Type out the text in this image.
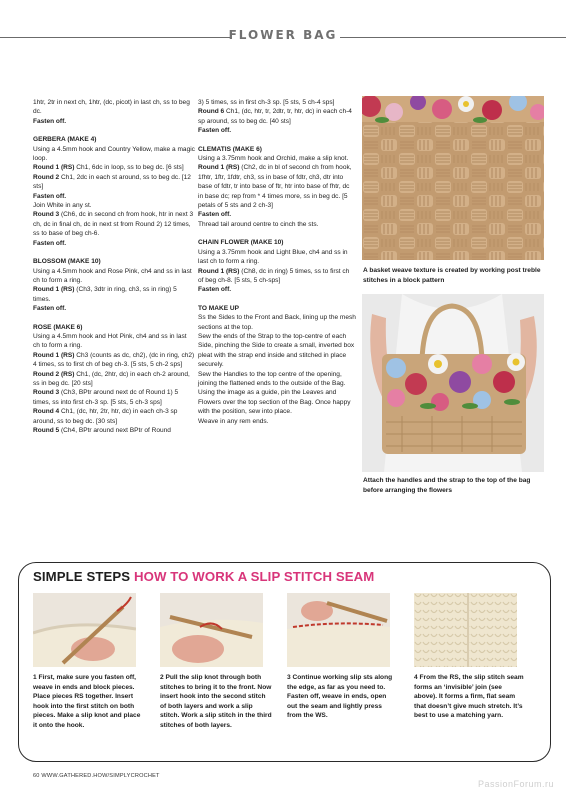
FLOWER BAG

1htr, 2tr in next ch, 1htr, (dc, picot) in last ch, ss to beg dc.

Fasten off.

GERBERA (MAKE 4)

Using a 4.5mm hook and Country Yellow, make a magic loop.

Round 1 (RS) Ch1, 6dc in loop, ss to beg dc. [6 sts]

Round 2 Ch1, 2dc in each st around, ss to beg dc. [12 sts]

Fasten off.

Join White in any st.

Round 3 (Ch6, dc in second ch from hook, htr in next 3 ch, dc in final ch, dc in next st from Round 2) 12 times, ss to base of beg ch-6.

Fasten off.

BLOSSOM (MAKE 10)

Using a 4.5mm hook and Rose Pink, ch4 and ss in last ch to form a ring.

Round 1 (RS) (Ch3, 3dtr in ring, ch3, ss in ring) 5 times.

Fasten off.

ROSE (MAKE 6)

Using a 4.5mm hook and Hot Pink, ch4 and ss in last ch to form a ring.

Round 1 (RS) Ch3 (counts as dc, ch2), (dc in ring, ch2) 4 times, ss to first ch of beg ch-3. [5 sts, 5 ch-2 sps]

Round 2 (RS) Ch1, (dc, 2htr, dc) in each ch-2 around, ss in beg dc. [20 sts]

Round 3 (Ch3, BPtr around next dc of Round 1) 5 times, ss into first ch-3 sp. [5 sts, 5 ch-3 sps]

Round 4 Ch1, (dc, htr, 2tr, htr, dc) in each ch-3 sp around, ss to beg dc. [30 sts]

Round 5 (Ch4, BPtr around next BPtr of Round

3) 5 times, ss in first ch-3 sp. [5 sts, 5 ch-4 sps]

Round 6 Ch1, (dc, htr, tr, 2dtr, tr, htr, dc) in each ch-4 sp around, ss to beg dc. [40 sts]

Fasten off.

CLEMATIS (MAKE 6)

Using a 3.75mm hook and Orchid, make a slip knot.

Round 1 (RS) (Ch2, dc in bl of second ch from hook, 1fhtr, 1ftr, 1fdtr, ch3, ss in base of fdtr, ch3, dtr into base of fdtr, tr into base of ftr, htr into base of fhtr, dc in base dc; rep from * 4 times more, ss in beg dc. [5 petals of 5 sts and 2 ch-3]

Fasten off.

Thread tail around centre to cinch the sts.

CHAIN FLOWER (MAKE 10)

Using a 3.75mm hook and Light Blue, ch4 and ss in last ch to form a ring.

Round 1 (RS) (Ch8, dc in ring) 5 times, ss to first ch of beg ch-8. [5 sts, 5 ch-sps]

Fasten off.

TO MAKE UP

Ss the Sides to the Front and Back, lining up the mesh sections at the top.

Sew the ends of the Strap to the top-centre of each Side, pinching the Side to create a small, inverted box pleat with the strap end inside and stitched in place securely.

Sew the Handles to the top centre of the opening, joining the flattened ends to the outside of the Bag.

Using the image as a guide, pin the Leaves and Flowers over the top section of the Bag. Once happy with the position, sew into place.

Weave in any rem ends.

A basket weave texture is created by working post treble stitches in a block pattern
Attach the handles and the strap to the top of the bag before arranging the flowers
SIMPLE STEPS HOW TO WORK A SLIP STITCH SEAM
1 First, make sure you fasten off, weave in ends and block pieces. Place pieces RS together. Insert hook into the first stitch on both pieces. Make a slip knot and place it onto the hook.
2 Pull the slip knot through both stitches to bring it to the front. Now insert hook into the second stitch of both layers and work a slip stitch. Work a slip stitch in the third stitches of both layers.
3 Continue working slip sts along the edge, as far as you need to. Fasten off, weave in ends, open out the seam and lightly press from the WS.
4 From the RS, the slip stitch seam forms an ‘invisible’ join (see above). It forms a firm, flat seam that doesn’t give much stretch. It’s best to use a matching yarn.
60 WWW.GATHERED.HOW/SIMPLYCROCHET
PassionForum.ru
